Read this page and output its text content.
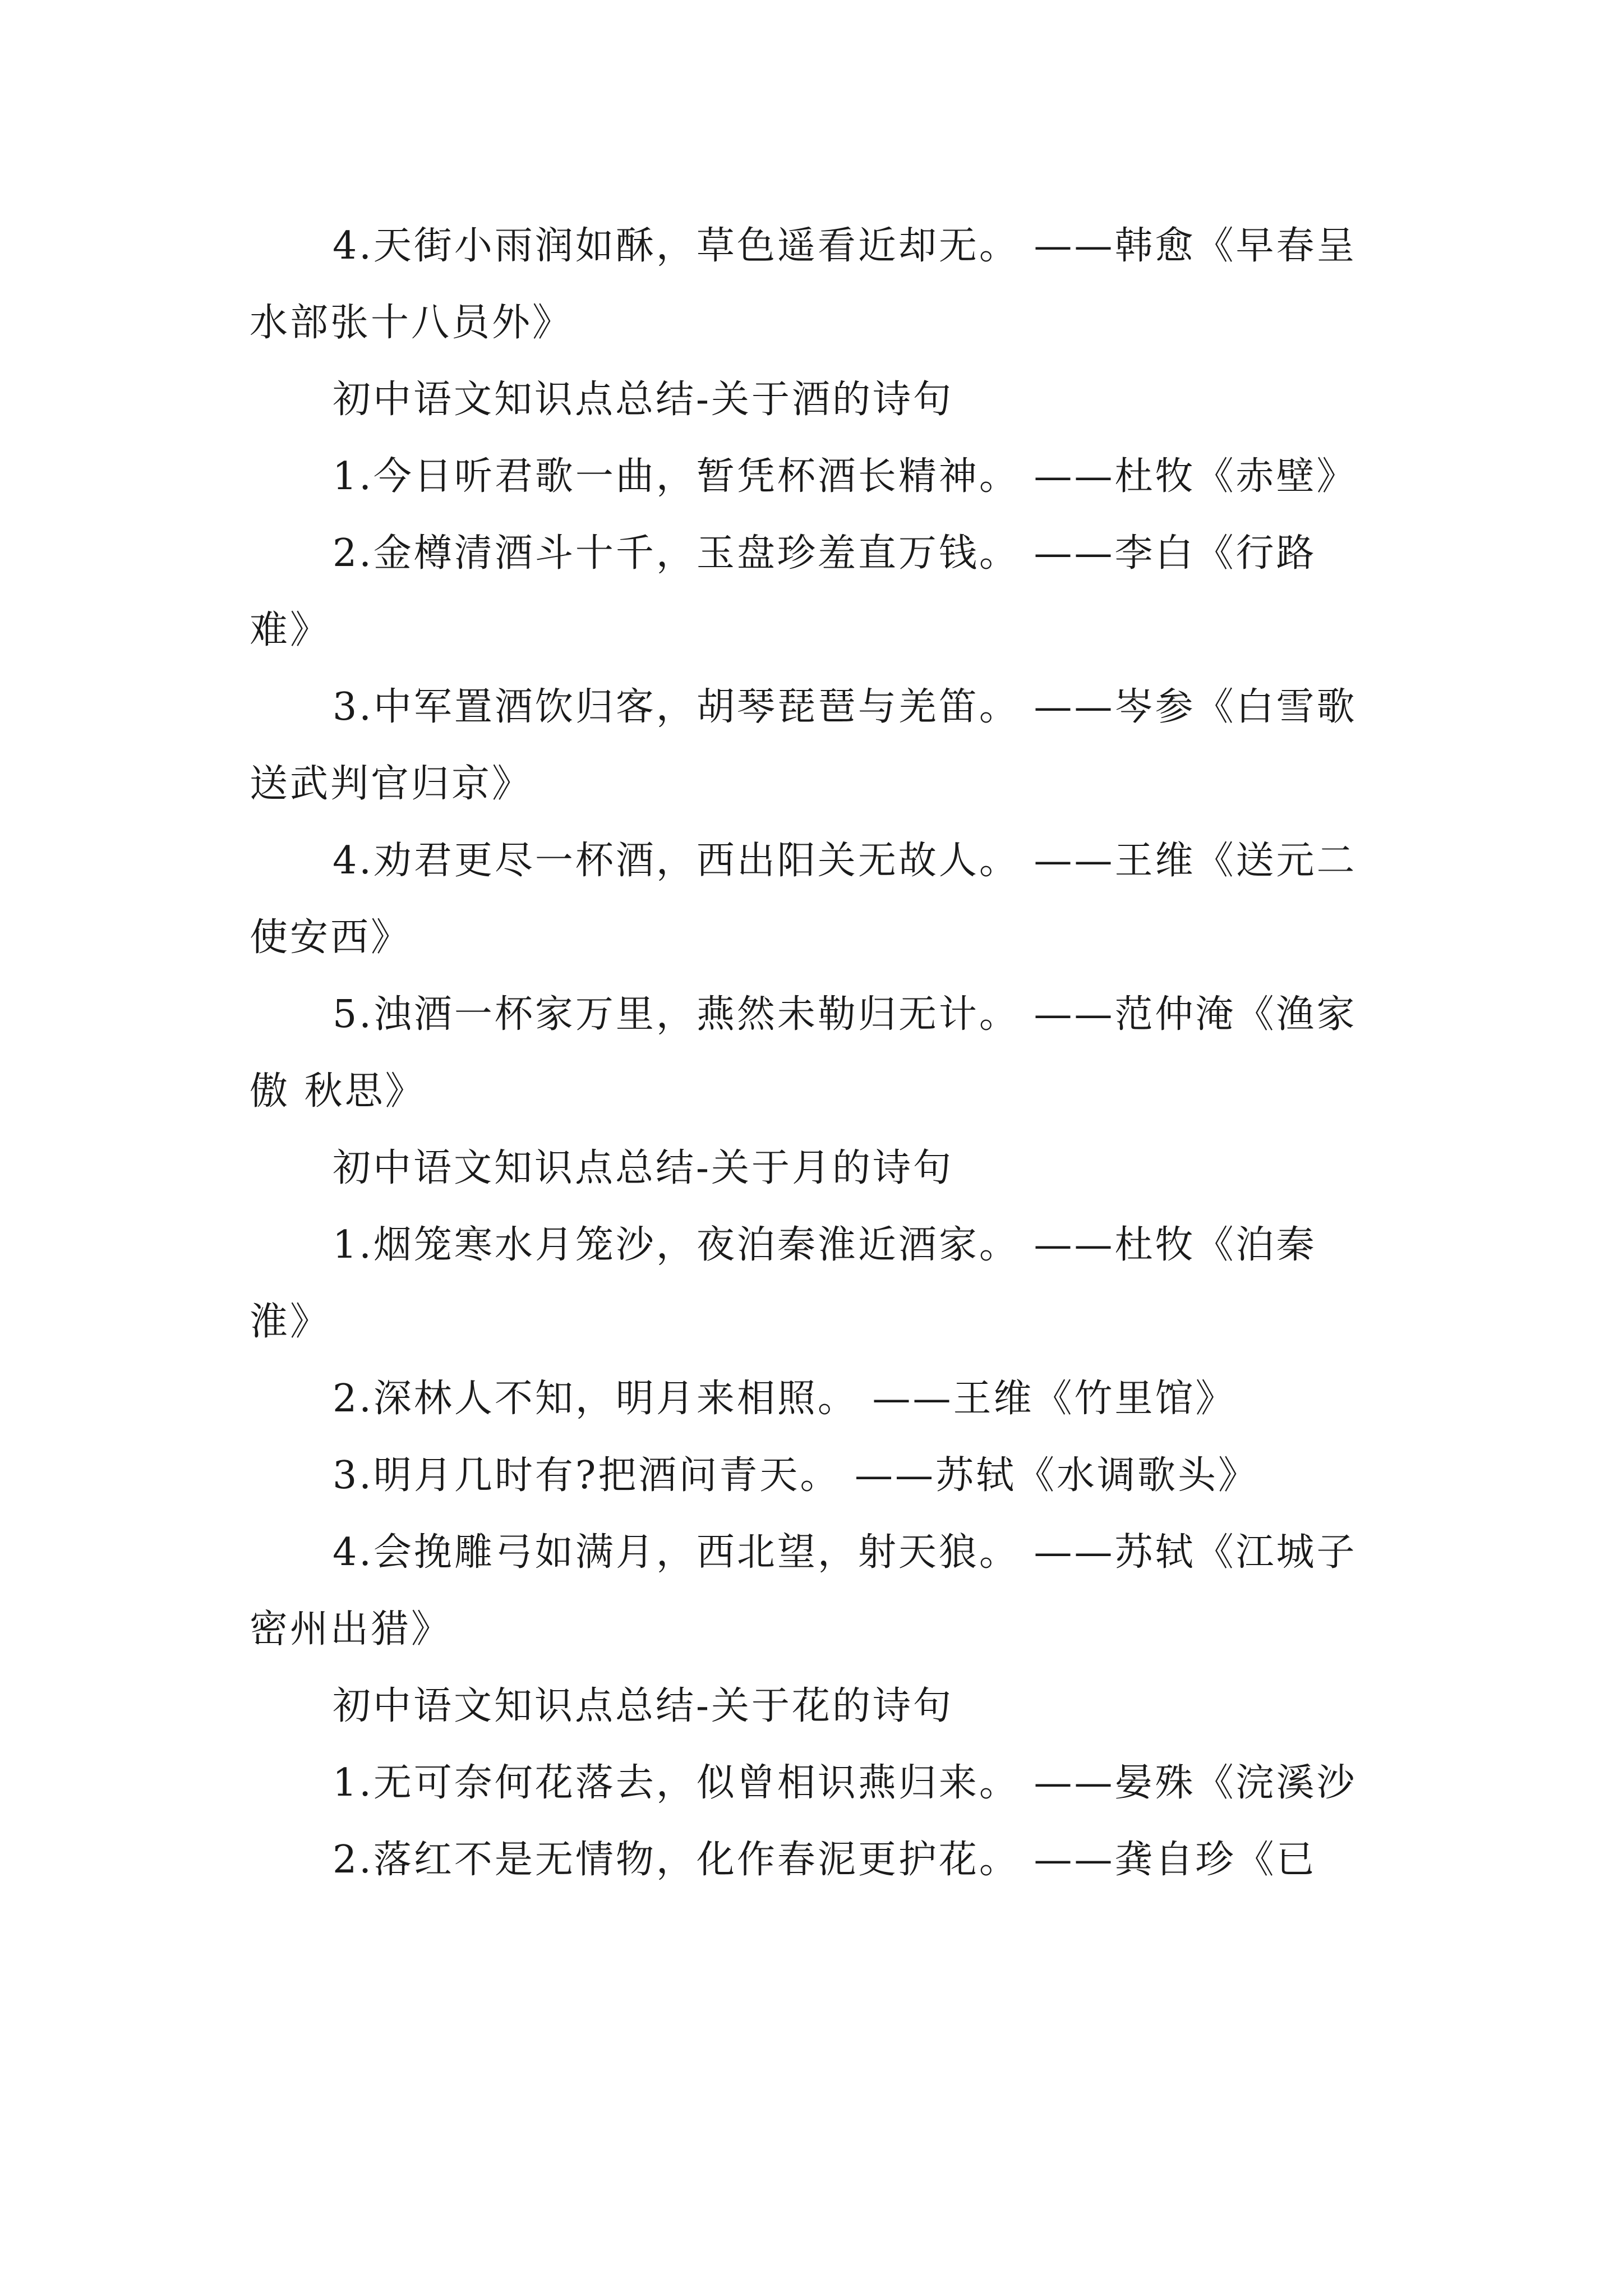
4.天街小雨润如酥，草色遥看近却无。 ——韩愈《早春呈水部张十八员外》

初中语文知识点总结-关于酒的诗句

1.今日听君歌一曲，暂凭杯酒长精神。 ——杜牧《赤壁》

2.金樽清酒斗十千，玉盘珍羞直万钱。 ——李白《行路难》

3.中军置酒饮归客，胡琴琵琶与羌笛。 ——岑参《白雪歌送武判官归京》

4.劝君更尽一杯酒，西出阳关无故人。 ——王维《送元二使安西》

5.浊酒一杯家万里，燕然未勒归无计。 ——范仲淹《渔家傲 秋思》

初中语文知识点总结-关于月的诗句

1.烟笼寒水月笼沙，夜泊秦淮近酒家。 ——杜牧《泊秦淮》

2.深林人不知，明月来相照。 ——王维《竹里馆》

3.明月几时有?把酒问青天。 ——苏轼《水调歌头》

4.会挽雕弓如满月，西北望，射天狼。 ——苏轼《江城子 密州出猎》

初中语文知识点总结-关于花的诗句

1.无可奈何花落去，似曾相识燕归来。 ——晏殊《浣溪沙

2.落红不是无情物，化作春泥更护花。 ——龚自珍《已
